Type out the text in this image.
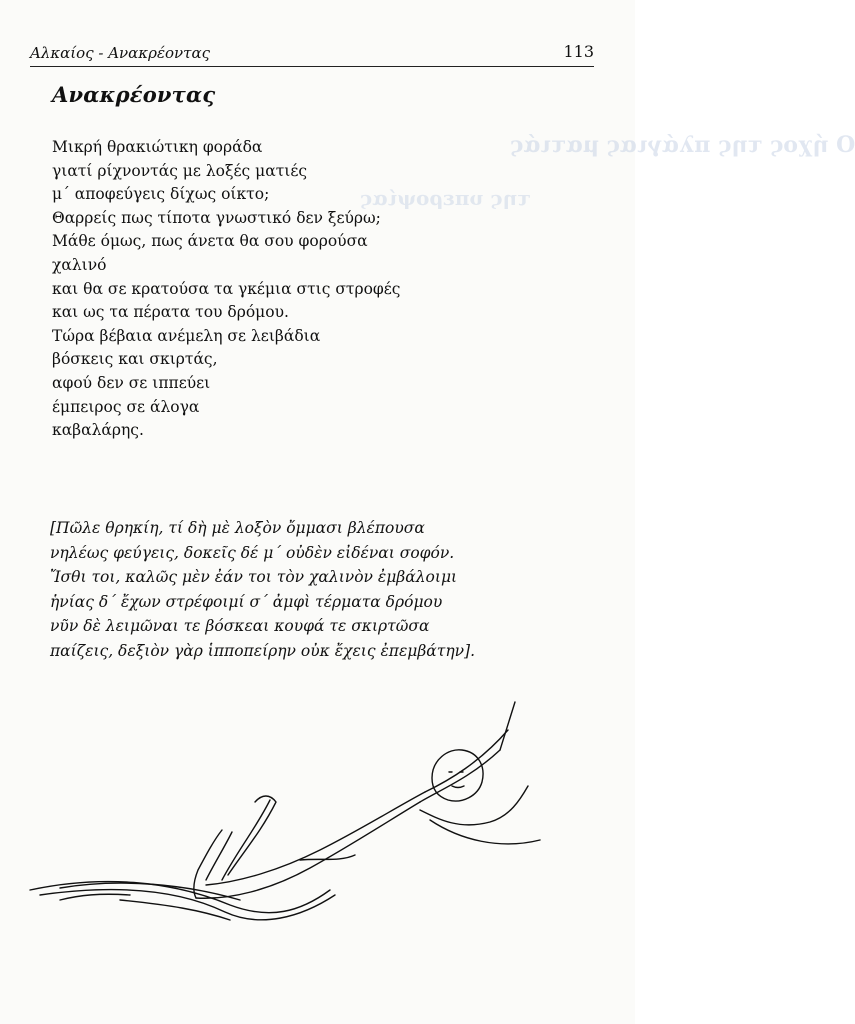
Ο ήχος της πλάγιας ματιάς
της υπεροψίας
Αλκαίος - Ανακρέοντας	113
Ανακρέοντας
Μικρή θρακιώτικη φοράδα
γιατί ρίχνοντάς με λοξές ματιές
μ΄ αποφεύγεις δίχως οίκτο;
Θαρρείς πως τίποτα γνωστικό δεν ξεύρω;
Μάθε όμως, πως άνετα θα σου φορούσα
χαλινό
και θα σε κρατούσα τα γκέμια στις στροφές
και ως τα πέρατα του δρόμου.
Τώρα βέβαια ανέμελη σε λειβάδια
βόσκεις και σκιρτάς,
αφού δεν σε ιππεύει
έμπειρος σε άλογα
καβαλάρης.
[Πῶλε θρηκίη, τί δὴ μὲ λοξὸν ὄμμασι βλέπουσα
νηλέως φεύγεις, δοκεῖς δέ μ΄ οὐδὲν εἰδέναι σοφόν.
Ἴσθι τοι, καλῶς μὲν ἐάν τοι τὸν χαλινὸν ἐμβάλοιμι
ἡνίας δ΄ ἔχων στρέφοιμί σ΄ ἀμφὶ τέρματα δρόμου
νῦν δὲ λειμῶναι τε βόσκεαι κουφά τε σκιρτῶσα
παίζεις, δεξιὸν γὰρ ἱπποπείρην οὐκ ἔχεις ἐπεμβάτην].
